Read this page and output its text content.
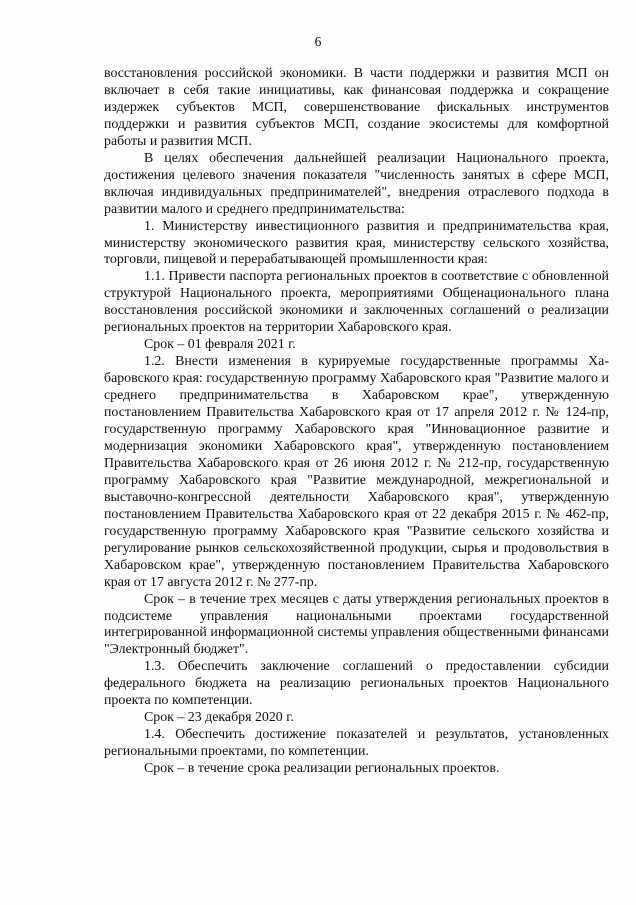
6

восстановления российской экономики. В части поддержки и развития МСП он включает в себя такие инициативы, как финансовая поддержка и сокращение издержек субъектов МСП, совершенствование фискальных инструментов поддержки и развития субъектов МСП, создание экосистемы для комфортной работы и развития МСП.

В целях обеспечения дальнейшей реализации Национального проекта, достижения целевого значения показателя "численность занятых в сфере МСП, включая индивидуальных предпринимателей", внедрения отраслевого подхода в развитии малого и среднего предпринимательства:

1. Министерству инвестиционного развития и предпринимательства края, министерству экономического развития края, министерству сельского хозяйства, торговли, пищевой и перерабатывающей промышленности края:

1.1. Привести паспорта региональных проектов в соответствие с обновленной структурой Национального проекта, мероприятиями Общенационального плана восстановления российской экономики и заключенных соглашений о реализации региональных проектов на территории Хабаровского края.

Срок – 01 февраля 2021 г.

1.2. Внести изменения в курируемые государственные программы Хабаровского края: государственную программу Хабаровского края "Развитие малого и среднего предпринимательства в Хабаровском крае", утвержденную постановлением Правительства Хабаровского края от 17 апреля 2012 г. № 124-пр, государственную программу Хабаровского края "Инновационное развитие и модернизация экономики Хабаровского края", утвержденную постановлением Правительства Хабаровского края от 26 июня 2012 г. № 212-пр, государственную программу Хабаровского края "Развитие международной, межрегиональной и выставочно-конгрессной деятельности Хабаровского края", утвержденную постановлением Правительства Хабаровского края от 22 декабря 2015 г. № 462-пр, государственную программу Хабаровского края "Развитие сельского хозяйства и регулирование рынков сельскохозяйственной продукции, сырья и продовольствия в Хабаровском крае", утвержденную постановлением Правительства Хабаровского края от 17 августа 2012 г. № 277-пр.

Срок – в течение трех месяцев с даты утверждения региональных проектов в подсистеме управления национальными проектами государственной интегрированной информационной системы управления общественными финансами "Электронный бюджет".

1.3. Обеспечить заключение соглашений о предоставлении субсидии федерального бюджета на реализацию региональных проектов Национального проекта по компетенции.

Срок – 23 декабря 2020 г.

1.4. Обеспечить достижение показателей и результатов, установленных региональными проектами, по компетенции.

Срок – в течение срока реализации региональных проектов.
